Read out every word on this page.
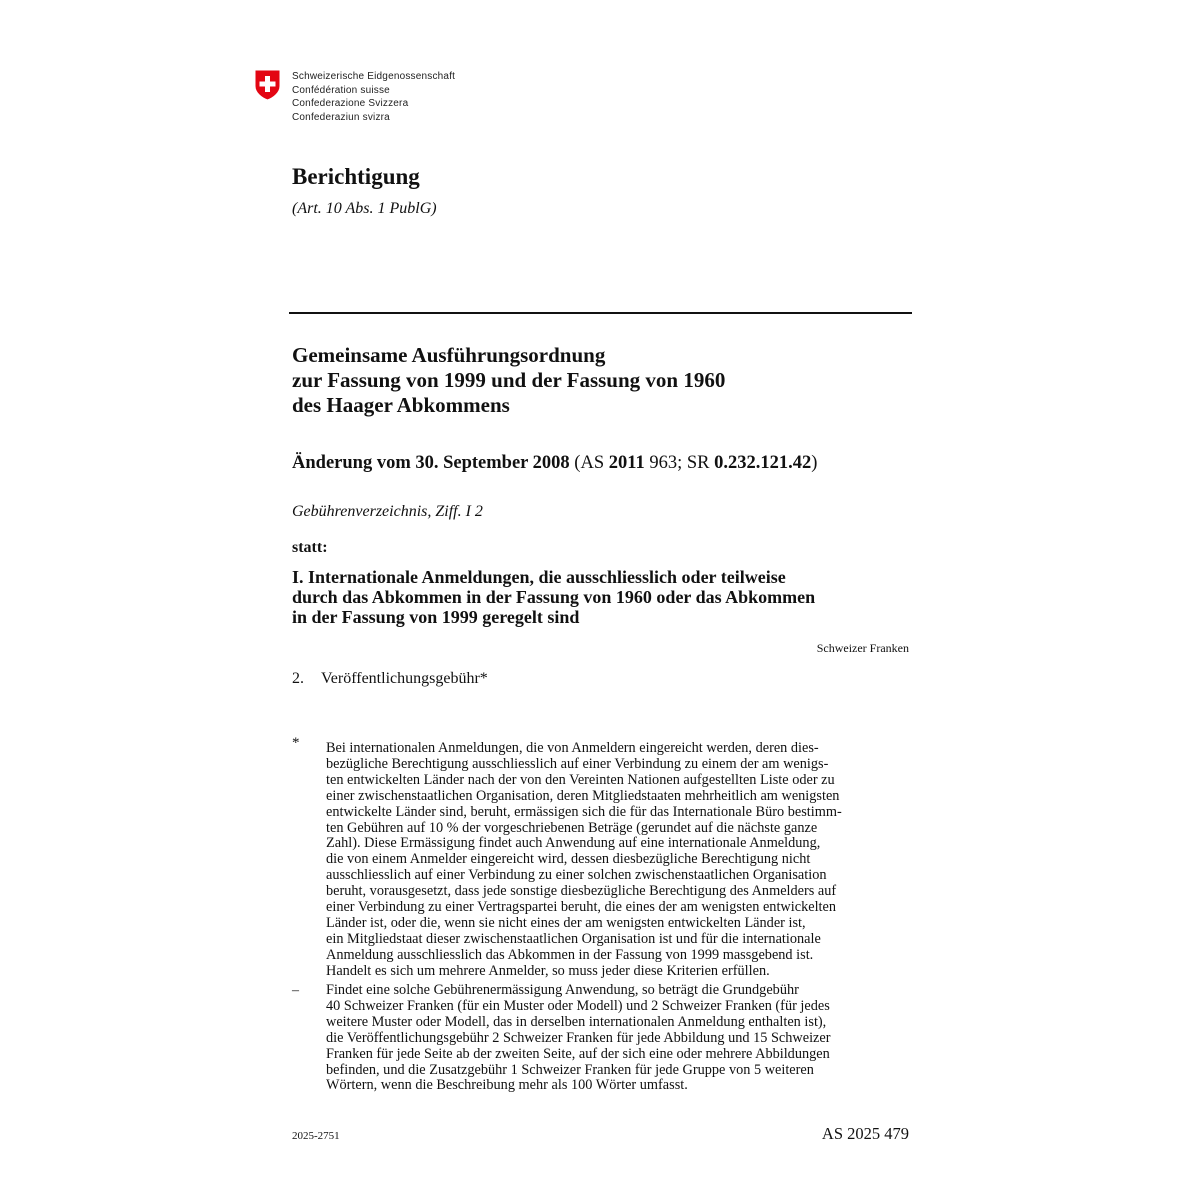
Schweizerische Eidgenossenschaft
Confédération suisse
Confederazione Svizzera
Confederaziun svizra
Berichtigung
(Art. 10 Abs. 1 PublG)
Gemeinsame Ausführungsordnung
zur Fassung von 1999 und der Fassung von 1960
des Haager Abkommens
Änderung vom 30. September 2008 (AS 2011 963; SR 0.232.121.42)
Gebührenverzeichnis, Ziff. I 2
statt:
I. Internationale Anmeldungen, die ausschliesslich oder teilweise
durch das Abkommen in der Fassung von 1960 oder das Abkommen
in der Fassung von 1999 geregelt sind
Schweizer Franken
2. Veröffentlichungsgebühr*
* Bei internationalen Anmeldungen, die von Anmeldern eingereicht werden, deren dies-
bezügliche Berechtigung ausschliesslich auf einer Verbindung zu einem der am wenigs-
ten entwickelten Länder nach der von den Vereinten Nationen aufgestellten Liste oder zu
einer zwischenstaatlichen Organisation, deren Mitgliedstaaten mehrheitlich am wenigsten
entwickelte Länder sind, beruht, ermässigen sich die für das Internationale Büro bestimm-
ten Gebühren auf 10 % der vorgeschriebenen Beträge (gerundet auf die nächste ganze
Zahl). Diese Ermässigung findet auch Anwendung auf eine internationale Anmeldung,
die von einem Anmelder eingereicht wird, dessen diesbezügliche Berechtigung nicht
ausschliesslich auf einer Verbindung zu einer solchen zwischenstaatlichen Organisation
beruht, vorausgesetzt, dass jede sonstige diesbezügliche Berechtigung des Anmelders auf
einer Verbindung zu einer Vertragspartei beruht, die eines der am wenigsten entwickelten
Länder ist, oder die, wenn sie nicht eines der am wenigsten entwickelten Länder ist,
ein Mitgliedstaat dieser zwischenstaatlichen Organisation ist und für die internationale
Anmeldung ausschliesslich das Abkommen in der Fassung von 1999 massgebend ist.
Handelt es sich um mehrere Anmelder, so muss jeder diese Kriterien erfüllen.
– Findet eine solche Gebührenermässigung Anwendung, so beträgt die Grundgebühr
40 Schweizer Franken (für ein Muster oder Modell) und 2 Schweizer Franken (für jedes
weitere Muster oder Modell, das in derselben internationalen Anmeldung enthalten ist),
die Veröffentlichungsgebühr 2 Schweizer Franken für jede Abbildung und 15 Schweizer
Franken für jede Seite ab der zweiten Seite, auf der sich eine oder mehrere Abbildungen
befinden, und die Zusatzgebühr 1 Schweizer Franken für jede Gruppe von 5 weiteren
Wörtern, wenn die Beschreibung mehr als 100 Wörter umfasst.
2025-2751	AS 2025 479
